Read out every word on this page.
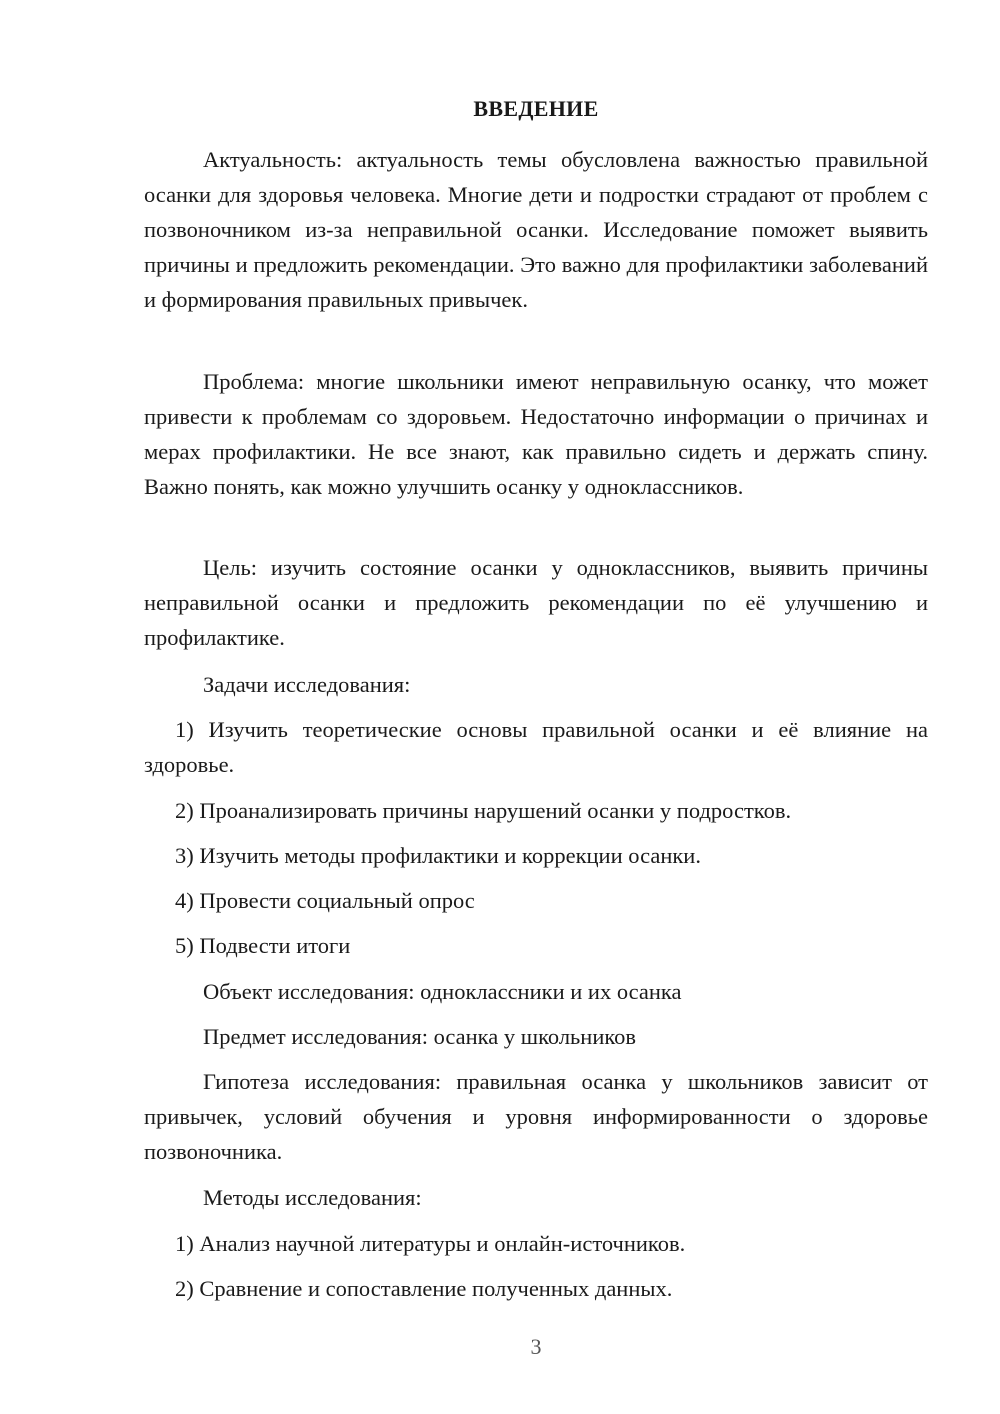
ВВЕДЕНИЕ

Актуальность: актуальность темы обусловлена важностью правильной осанки для здоровья человека. Многие дети и подростки страдают от проблем с позвоночником из-за неправильной осанки. Исследование поможет выявить причины и предложить рекомендации. Это важно для профилактики заболеваний и формирования правильных привычек.

Проблема: многие школьники имеют неправильную осанку, что может привести к проблемам со здоровьем. Недостаточно информации о причинах и мерах профилактики. Не все знают, как правильно сидеть и держать спину. Важно понять, как можно улучшить осанку у одноклассников.

Цель: изучить состояние осанки у одноклассников, выявить причины неправильной осанки и предложить рекомендации по её улучшению и профилактике.

Задачи исследования:

1) Изучить теоретические основы правильной осанки и её влияние на здоровье.

2) Проанализировать причины нарушений осанки у подростков.

3) Изучить методы профилактики и коррекции осанки.

4) Провести социальный опрос

5) Подвести итоги

Объект исследования: одноклассники и их осанка

Предмет исследования: осанка у школьников

Гипотеза исследования: правильная осанка у школьников зависит от привычек, условий обучения и уровня информированности о здоровье позвоночника.

Методы исследования:

1) Анализ научной литературы и онлайн-источников.

2) Сравнение и сопоставление полученных данных.

3
